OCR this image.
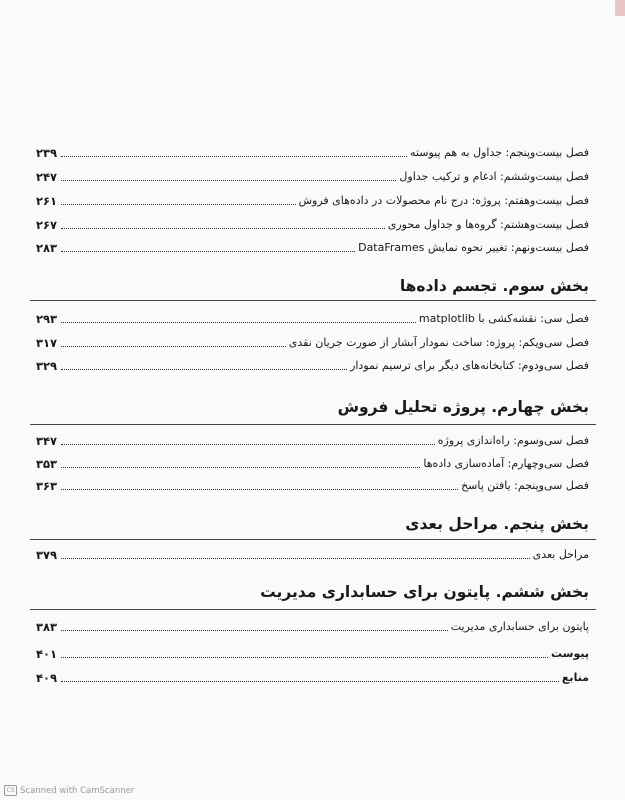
فصل بیست‌وپنجم: جداول به هم پیوسته
۲۳۹
فصل بیست‌وششم: ادغام و ترکیب جداول
۲۴۷
فصل بیست‌وهفتم: پروژه: درج نام محصولات در داده‌های فروش
۲۶۱
فصل بیست‌وهشتم: گروه‌ها و جداول محوری
۲۶۷
فصل بیست‌ونهم: تغییر نحوه نمایش DataFrames
۲۸۳
بخش سوم. تجسم داده‌ها
فصل سی: نقشه‌کشی با matplotlib
۲۹۳
فصل سی‌ویکم: پروژه: ساخت نمودار آبشار از صورت جریان نقدی
۳۱۷
فصل سی‌ودوم: کتابخانه‌های دیگر برای ترسیم نمودار
۳۲۹
بخش چهارم. پروژه تحلیل فروش
فصل سی‌وسوم: راه‌اندازی پروژه
۳۴۷
فصل سی‌وچهارم: آماده‌سازی داده‌ها
۳۵۳
فصل سی‌وپنجم: یافتن پاسخ
۳۶۳
بخش پنجم. مراحل بعدی
مراحل بعدی
۳۷۹
بخش ششم. پایتون برای حسابداری مدیریت
پایتون برای حسابداری مدیریت
۳۸۳
پیوست
۴۰۱
منابع
۴۰۹
CS Scanned with CamScanner
